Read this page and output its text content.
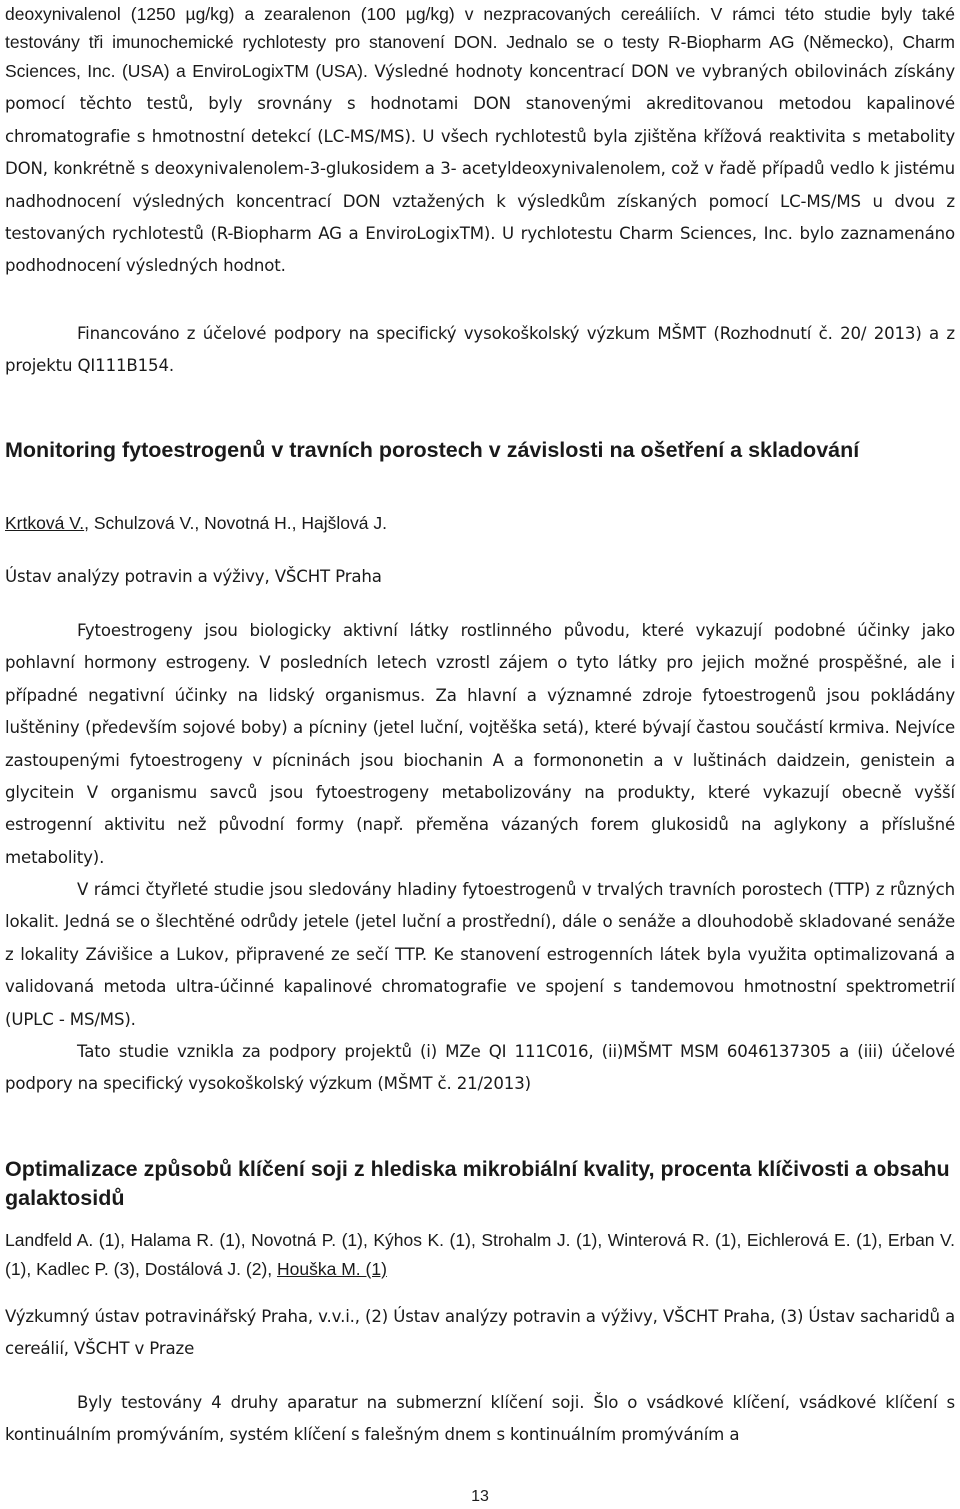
deoxynivalenol (1250 µg/kg) a zearalenon (100 µg/kg) v nezpracovaných cereáliích. V rámci této studie byly také testovány tři imunochemické rychlotesty pro stanovení DON. Jednalo se o testy R-Biopharm AG (Německo), Charm Sciences, Inc. (USA) a EnviroLogixTM (USA). Výsledné hodnoty koncentrací DON ve vybraných obilovinách získány pomocí těchto testů, byly srovnány s hodnotami DON stanovenými akreditovanou metodou kapalinové chromatografie s hmotnostní detekcí (LC-MS/MS). U všech rychlotestů byla zjištěna křížová reaktivita s metabolity DON, konkrétně s deoxynivalenolem-3-glukosidem a 3- acetyldeoxynivalenolem, což v řadě případů vedlo k jistému nadhodnocení výsledných koncentrací DON vztažených k výsledkům získaných pomocí LC-MS/MS u dvou z testovaných rychlotestů (R-Biopharm AG a EnviroLogixTM). U rychlotestu Charm Sciences, Inc. bylo zaznamenáno podhodnocení výsledných hodnot.

Financováno z účelové podpory na specifický vysokoškolský výzkum MŠMT (Rozhodnutí č. 20/ 2013) a z projektu QI111B154.

Monitoring fytoestrogenů v travních porostech v závislosti na ošetření a skladování

Krtková V., Schulzová V., Novotná H., Hajšlová J.

Ústav analýzy potravin a výživy, VŠCHT Praha

Fytoestrogeny jsou biologicky aktivní látky rostlinného původu, které vykazují podobné účinky jako pohlavní hormony estrogeny. V posledních letech vzrostl zájem o tyto látky pro jejich možné prospěšné, ale i případné negativní účinky na lidský organismus. Za hlavní a významné zdroje fytoestrogenů jsou pokládány luštěniny (především sojové boby) a pícniny (jetel luční, vojtěška setá), které bývají častou součástí krmiva. Nejvíce zastoupenými fytoestrogeny v pícninách jsou biochanin A a formononetin a v luštinách daidzein, genistein a glycitein V organismu savců jsou fytoestrogeny metabolizovány na produkty, které vykazují obecně vyšší estrogenní aktivitu než původní formy (např. přeměna vázaných forem glukosidů na aglykony a příslušné metabolity).

V rámci čtyřleté studie jsou sledovány hladiny fytoestrogenů v trvalých travních porostech (TTP) z různých lokalit. Jedná se o šlechtěné odrůdy jetele (jetel luční a prostřední), dále o senáže a dlouhodobě skladované senáže z lokality Závišice a Lukov, připravené ze sečí TTP. Ke stanovení estrogenních látek byla využita optimalizovaná a validovaná metoda ultra-účinné kapalinové chromatografie ve spojení s tandemovou hmotnostní spektrometrií (UPLC - MS/MS).

Tato studie vznikla za podpory projektů (i) MZe QI 111C016, (ii)MŠMT MSM 6046137305 a (iii) účelové podpory na specifický vysokoškolský výzkum (MŠMT č. 21/2013)

Optimalizace způsobů klíčení soji z hlediska mikrobiální kvality, procenta klíčivosti a obsahu galaktosidů

Landfeld A. (1), Halama R. (1), Novotná P. (1), Kýhos K. (1), Strohalm J. (1), Winterová R. (1), Eichlerová E. (1), Erban V.(1), Kadlec P. (3), Dostálová J. (2), Houška M. (1)

Výzkumný ústav potravinářský Praha, v.v.i., (2) Ústav analýzy potravin a výživy, VŠCHT Praha, (3) Ústav sacharidů a cereálií, VŠCHT v Praze

Byly testovány 4 druhy aparatur na submerzní klíčení soji. Šlo o vsádkové klíčení, vsádkové klíčení s kontinuálním promýváním, systém klíčení s falešným dnem s kontinuálním promýváním a

13
